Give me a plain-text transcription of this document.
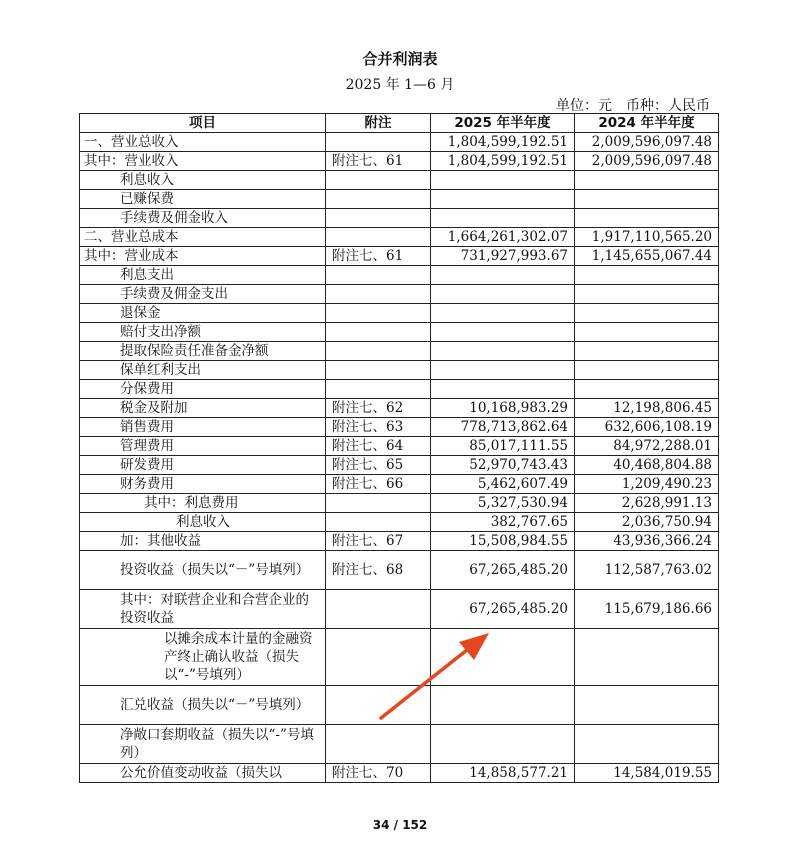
合并利润表
2025 年 1—6 月
单位：元　币种：人民币
项目	附注	2025 年半年度	2024 年半年度
一、营业总收入		1,804,599,192.51	2,009,596,097.48
其中：营业收入	附注七、61	1,804,599,192.51	2,009,596,097.48
利息收入			
已赚保费			
手续费及佣金收入			
二、营业总成本		1,664,261,302.07	1,917,110,565.20
其中：营业成本	附注七、61	731,927,993.67	1,145,655,067.44
利息支出			
手续费及佣金支出			
退保金			
赔付支出净额			
提取保险责任准备金净额			
保单红利支出			
分保费用			
税金及附加	附注七、62	10,168,983.29	12,198,806.45
销售费用	附注七、63	778,713,862.64	632,606,108.19
管理费用	附注七、64	85,017,111.55	84,972,288.01
研发费用	附注七、65	52,970,743.43	40,468,804.88
财务费用	附注七、66	5,462,607.49	1,209,490.23
其中：利息费用		5,327,530.94	2,628,991.13
利息收入		382,767.65	2,036,750.94
加：其他收益	附注七、67	15,508,984.55	43,936,366.24
投资收益（损失以“－”号填列）	附注七、68	67,265,485.20	112,587,763.02
其中：对联营企业和合营企业的投资收益		67,265,485.20	115,679,186.66
以摊余成本计量的金融资产终止确认收益（损失以“-”号填列）			
汇兑收益（损失以“－”号填列）			
净敞口套期收益（损失以“-”号填列）			
公允价值变动收益（损失以	附注七、70	14,858,577.21	14,584,019.55
34 / 152
